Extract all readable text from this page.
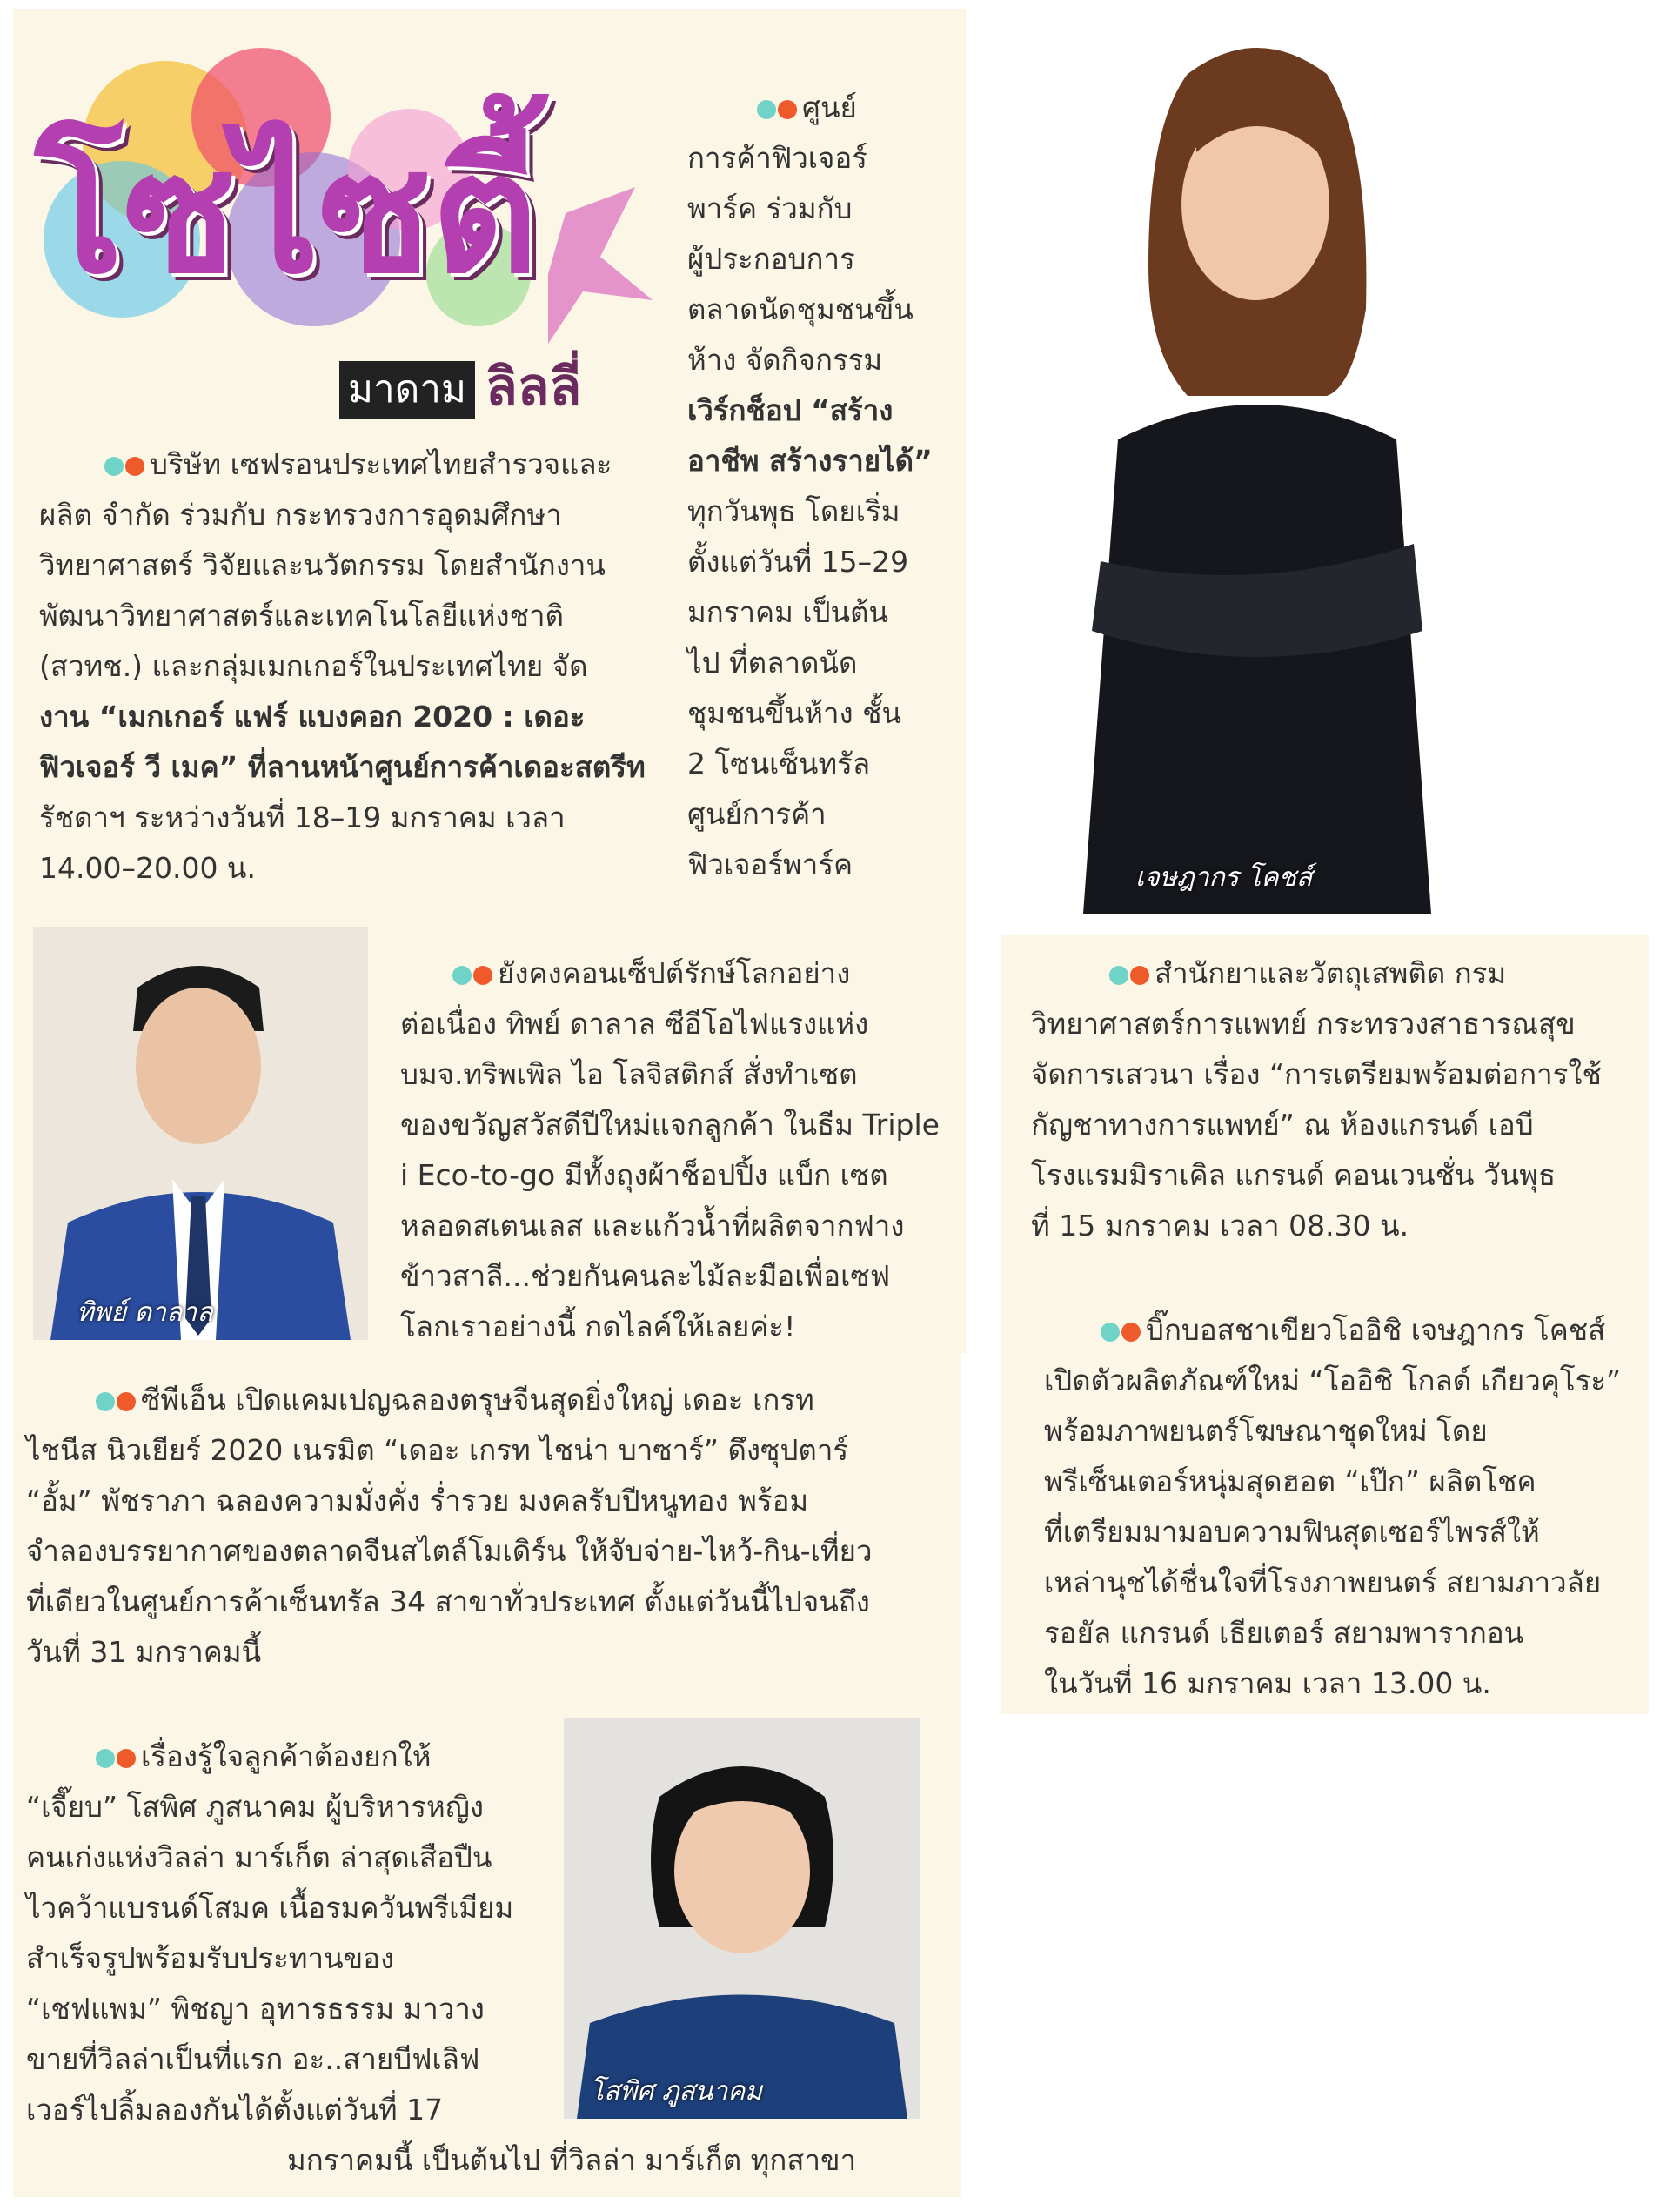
โซไซตี้
มาดาม ลิลลี่

บริษัท เซฟรอนประเทศไทยสำรวจและ

ผลิต จำกัด ร่วมกับ กระทรวงการอุดมศึกษา

วิทยาศาสตร์ วิจัยและนวัตกรรม โดยสำนักงาน

พัฒนาวิทยาศาสตร์และเทคโนโลยีแห่งชาติ

(สวทช.) และกลุ่มเมกเกอร์ในประเทศไทย จัด

งาน “เมกเกอร์ แฟร์ แบงคอก 2020 : เดอะ

ฟิวเจอร์ วี เมค” ที่ลานหน้าศูนย์การค้าเดอะสตรีท

รัชดาฯ ระหว่างวันที่ 18–19 มกราคม เวลา

14.00–20.00 น.

ศูนย์

การค้าฟิวเจอร์

พาร์ค ร่วมกับ

ผู้ประกอบการ

ตลาดนัดชุมชนขึ้น

ห้าง จัดกิจกรรม

เวิร์กช็อป “สร้าง

อาชีพ สร้างรายได้”

ทุกวันพุธ โดยเริ่ม

ตั้งแต่วันที่ 15–29

มกราคม เป็นต้น

ไป ที่ตลาดนัด

ชุมชนขึ้นห้าง ชั้น

2 โซนเซ็นทรัล

ศูนย์การค้า

ฟิวเจอร์พาร์ค	เจษฎากร โคชส์
ทิพย์ ดาลาล

ยังคงคอนเซ็ปต์รักษ์โลกอย่าง

ต่อเนื่อง ทิพย์ ดาลาล ซีอีโอไฟแรงแห่ง

บมจ.ทริพเพิล ไอ โลจิสติกส์ สั่งทำเซต

ของขวัญสวัสดีปีใหม่แจกลูกค้า ในธีม Triple

i Eco-to-go มีทั้งถุงผ้าช็อปปิ้ง แบ็ก เซต

หลอดสเตนเลส และแก้วน้ำที่ผลิตจากฟาง

ข้าวสาลี...ช่วยกันคนละไม้ละมือเพื่อเซฟ

โลกเราอย่างนี้ กดไลค์ให้เลยค่ะ!

สำนักยาและวัตถุเสพติด กรม

วิทยาศาสตร์การแพทย์ กระทรวงสาธารณสุข

จัดการเสวนา เรื่อง “การเตรียมพร้อมต่อการใช้

กัญชาทางการแพทย์” ณ ห้องแกรนด์ เอบี

โรงแรมมิราเคิล แกรนด์ คอนเวนชั่น วันพุธ

ที่ 15 มกราคม เวลา 08.30 น.

บิ๊กบอสชาเขียวโออิชิ เจษฎากร โคชส์

เปิดตัวผลิตภัณฑ์ใหม่ “โออิชิ โกลด์ เกียวคุโระ”

พร้อมภาพยนตร์โฆษณาชุดใหม่ โดย

พรีเซ็นเตอร์หนุ่มสุดฮอต “เป๊ก” ผลิตโชค

ที่เตรียมมามอบความฟินสุดเซอร์ไพรส์ให้

เหล่านุชได้ชื่นใจที่โรงภาพยนตร์ สยามภาวลัย

รอยัล แกรนด์ เธียเตอร์ สยามพารากอน

ในวันที่ 16 มกราคม เวลา 13.00 น.

ซีพีเอ็น เปิดแคมเปญฉลองตรุษจีนสุดยิ่งใหญ่ เดอะ เกรท

ไชนีส นิวเยียร์ 2020 เนรมิต “เดอะ เกรท ไชน่า บาซาร์” ดึงซุปตาร์

“อั้ม” พัชราภา ฉลองความมั่งคั่ง ร่ำรวย มงคลรับปีหนูทอง พร้อม

จำลองบรรยากาศของตลาดจีนสไตล์โมเดิร์น ให้จับจ่าย-ไหว้-กิน-เที่ยว

ที่เดียวในศูนย์การค้าเซ็นทรัล 34 สาขาทั่วประเทศ ตั้งแต่วันนี้ไปจนถึง

วันที่ 31 มกราคมนี้

โสพิศ ภูสนาคม

เรื่องรู้ใจลูกค้าต้องยกให้

“เจี๊ยบ” โสพิศ ภูสนาคม ผู้บริหารหญิง

คนเก่งแห่งวิลล่า มาร์เก็ต ล่าสุดเสือปืน

ไวคว้าแบรนด์โสมค เนื้อรมควันพรีเมียม

สำเร็จรูปพร้อมรับประทานของ

“เชฟแพม” พิชญา อุทารธรรม มาวาง

ขายที่วิลล่าเป็นที่แรก อะ..สายบีฟเลิฟ

เวอร์ไปลิ้มลองกันได้ตั้งแต่วันที่ 17

มกราคมนี้ เป็นต้นไป ที่วิลล่า มาร์เก็ต ทุกสาขา
